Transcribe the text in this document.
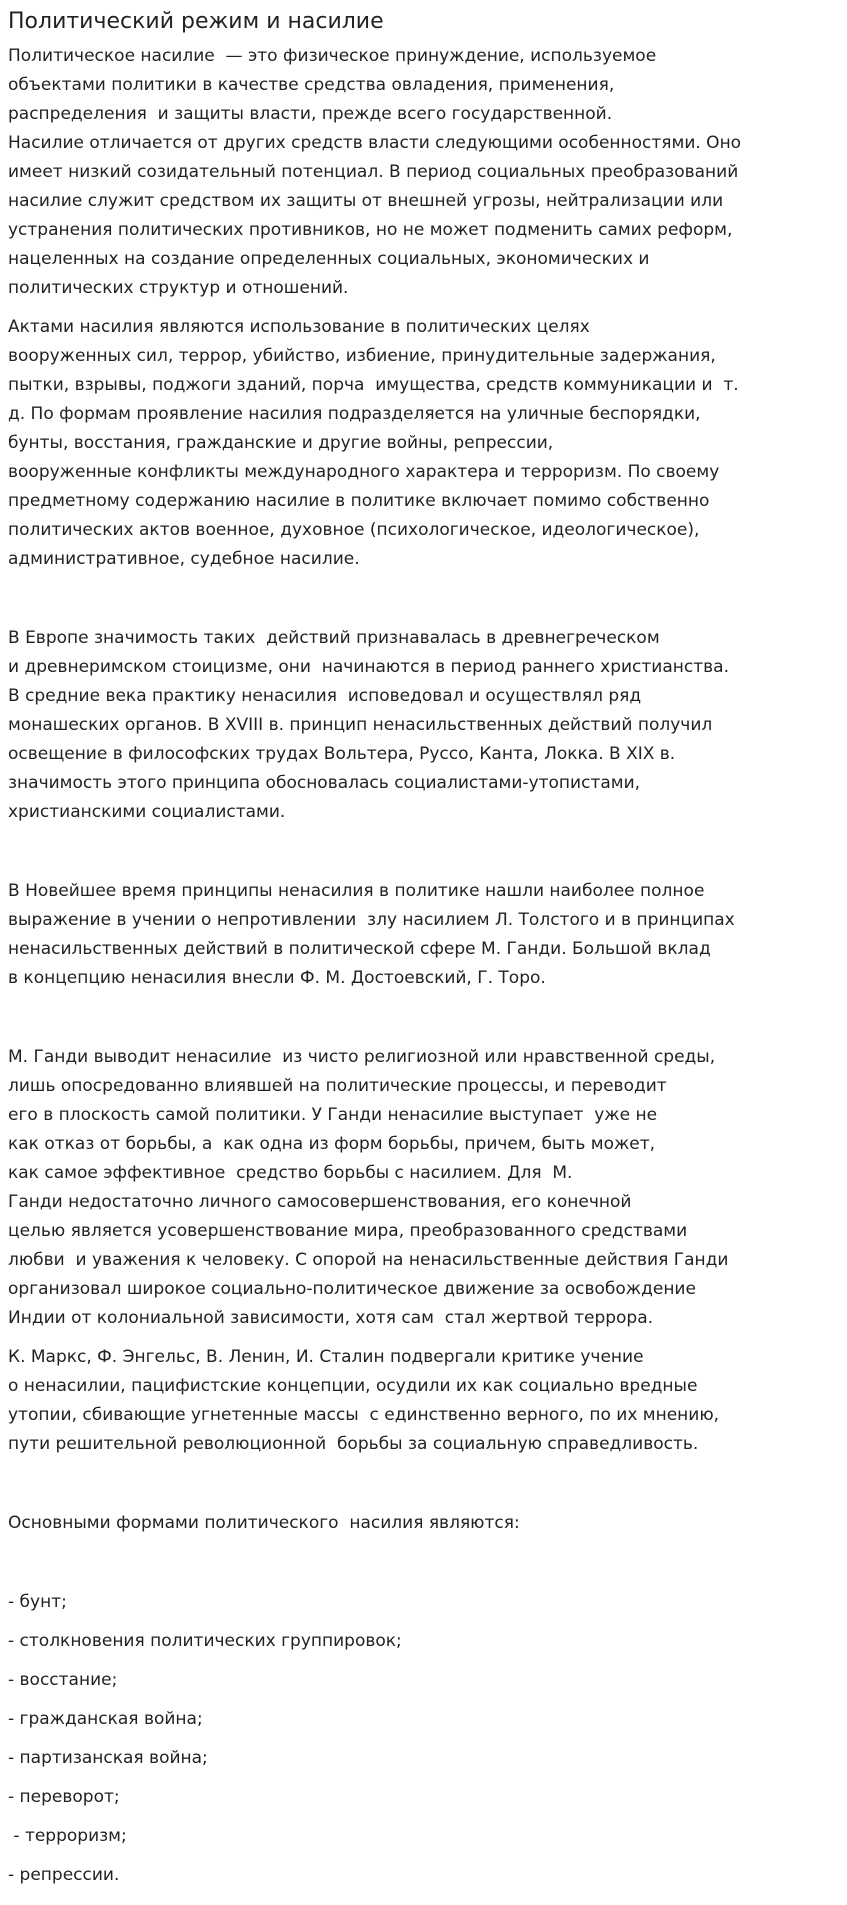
Политический режим и насилие
Политическое насилие  — это физическое принуждение, используемое
объектами политики в качестве средства овладения, применения,
распределения  и защиты власти, прежде всего государственной.
Насилие отличается от других средств власти следующими особенностями. Оно
имеет низкий созидательный потенциал. В период социальных преобразований
насилие служит средством их защиты от внешней угрозы, нейтрализации или
устранения политических противников, но не может подменить самих реформ,
нацеленных на создание определенных социальных, экономических и
политических структур и отношений.
Актами насилия являются использование в политических целях
вооруженных сил, террор, убийство, избиение, принудительные задержания,
пытки, взрывы, поджоги зданий, порча  имущества, средств коммуникации и  т.
д. По формам проявление насилия подразделяется на уличные беспорядки,
бунты, восстания, гражданские и другие войны, репрессии,
вооруженные конфликты международного характера и терроризм. По своему
предметному содержанию насилие в политике включает помимо собственно
политических актов военное, духовное (психологическое, идеологическое),
административное, судебное насилие.
В Европе значимость таких  действий признавалась в древнегреческом
и древнеримском стоицизме, они  начинаются в период раннего христианства.
В средние века практику ненасилия  исповедовал и осуществлял ряд
монашеских органов. В XVIII в. принцип ненасильственных действий получил
освещение в философских трудах Вольтера, Руссо, Канта, Локка. В XIX в.
значимость этого принципа обосновалась социалистами-утопистами,
христианскими социалистами.
В Новейшее время принципы ненасилия в политике нашли наиболее полное
выражение в учении о непротивлении  злу насилием Л. Толстого и в принципах
ненасильственных действий в политической сфере М. Ганди. Большой вклад
в концепцию ненасилия внесли Ф. М. Достоевский, Г. Торо.
М. Ганди выводит ненасилие  из чисто религиозной или нравственной среды,
лишь опосредованно влиявшей на политические процессы, и переводит
его в плоскость самой политики. У Ганди ненасилие выступает  уже не
как отказ от борьбы, а  как одна из форм борьбы, причем, быть может,
как самое эффективное  средство борьбы с насилием. Для  М.
Ганди недостаточно личного самосовершенствования, его конечной
целью является усовершенствование мира, преобразованного средствами
любви  и уважения к человеку. С опорой на ненасильственные действия Ганди
организовал широкое социально-политическое движение за освобождение
Индии от колониальной зависимости, хотя сам  стал жертвой террора.
К. Маркс, Ф. Энгельс, В. Ленин, И. Сталин подвергали критике учение
о ненасилии, пацифистские концепции, осудили их как социально вредные
утопии, сбивающие угнетенные массы  с единственно верного, по их мнению,
пути решительной революционной  борьбы за социальную справедливость.
Основными формами политического  насилия являются:
- бунт;
- столкновения политических группировок;
- восстание;
- гражданская война;
- партизанская война;
- переворот;
- терроризм;
- репрессии.
